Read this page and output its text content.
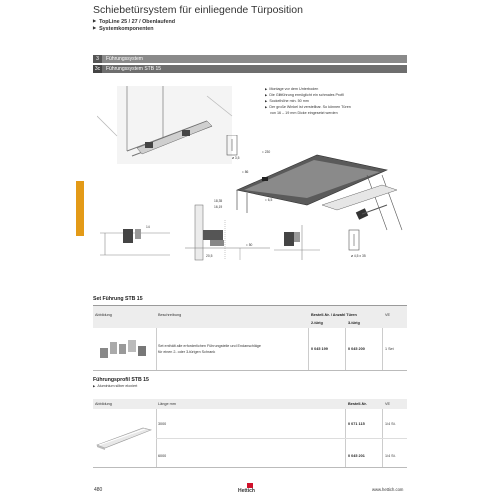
Schiebetürsystem für einliegende Türposition
▶ TopLine 25 / 27 / Obenlaufend
▶ Systemkomponenten
3 Führungssystem
3c Führungssystem STB 15
▶ Montage vor dem Unterboden
▶ Die Glitführung ermöglicht ein schmales Profil
▶ Sockelhöhe min. 50 mm
▶ Der große Winkel ist verstellbar. So können Türen
von 16 – 19 mm Dicke eingesetzt werden
ø 3,5
≈ 230
≈ 86
≈ 6,5
ø 4,5 x 35
14
18,35
16,19
≈ 50
20,5
Set Führung STB 15
Abbildung	Beschreibung	Bestell-Nr. / Anzahl Türen	VE
2-türig	3-türig
Set enthält alle erforderlichen Führungsteile und Endanschläge
für einen 2- oder 3-türigen Schrank
0 045 199	0 045 200	1 Set
Führungsprofil STB 15
▶ Aluminium silber eloxiert
Abbildung	Länge mm	Bestell-Nr.	VE
3000	0 071 115	1/4 St.
6000	0 045 201	1/4 St.
480	Hettich	www.hettich.com
